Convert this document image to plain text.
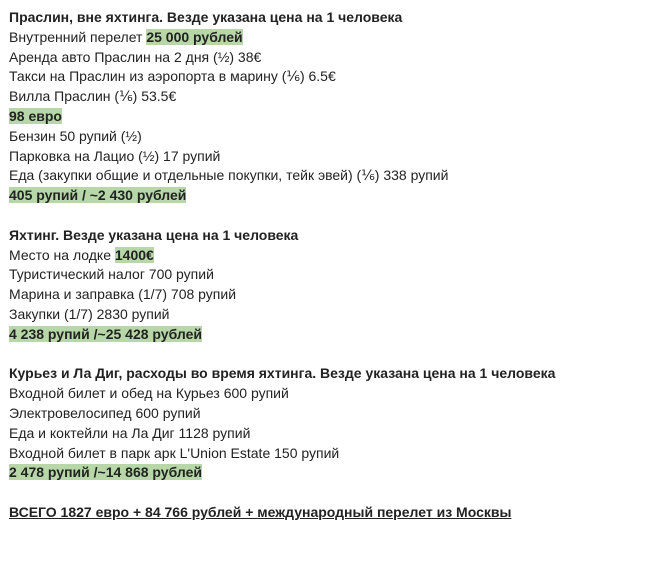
Праслин, вне яхтинга. Везде указана цена на 1 человека
Внутренний перелет 25 000 рублей
Аренда авто Праслин на 2 дня (½) 38€
Такси на Праслин из аэропорта в марину (⅙) 6.5€
Вилла Праслин (⅙) 53.5€
98 евро
Бензин 50 рупий (½)
Парковка на Лацио (½) 17 рупий
Еда (закупки общие и отдельные покупки, тейк эвей) (⅙) 338 рупий
405 рупий / ~2 430 рублей
Яхтинг. Везде указана цена на 1 человека
Место на лодке 1400€
Туристический налог 700 рупий
Марина и заправка (1/7) 708 рупий
Закупки (1/7) 2830 рупий
4 238 рупий /~25 428 рублей
Курьез и Ла Диг, расходы во время яхтинга. Везде указана цена на 1 человека
Входной билет и обед на Курьез 600 рупий
Электровелосипед 600 рупий
Еда и коктейли на Ла Диг 1128 рупий
Входной билет в парк арк L'Union Estate 150 рупий
2 478 рупий /~14 868 рублей
ВСЕГО 1827 евро + 84 766 рублей + международный перелет из Москвы
